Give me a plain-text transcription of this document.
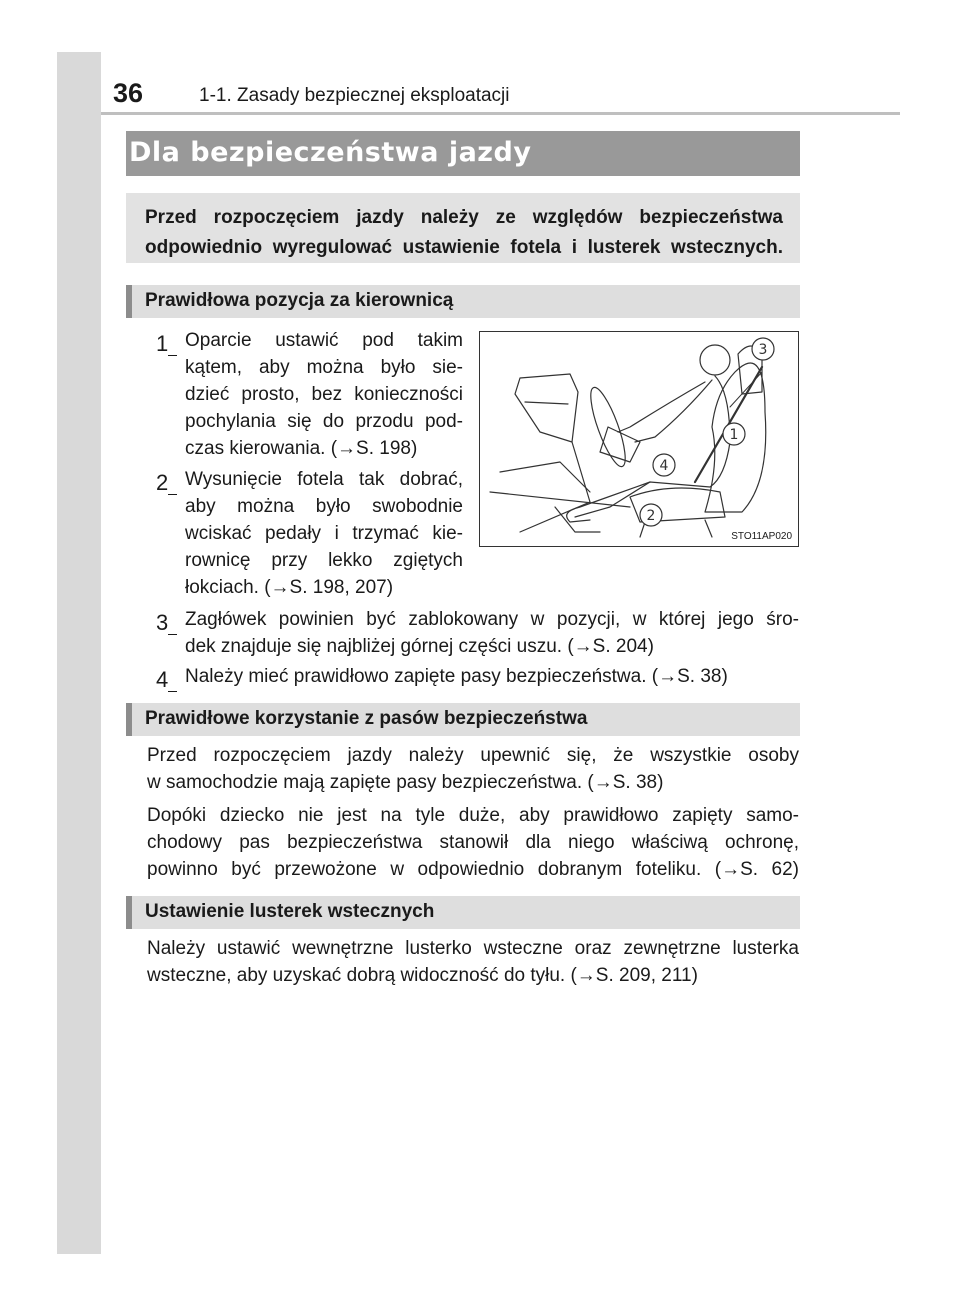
36	1-1. Zasady bezpiecznej eksploatacji
Dla bezpieczeństwa jazdy
Przed rozpoczęciem jazdy należy ze względów bezpieczeństwa
odpowiednio wyregulować ustawienie fotela i lusterek wstecznych.
Prawidłowa pozycja za kierownicą
1 Oparcie ustawić pod takim
kątem, aby można było sie-
dzieć prosto, bez konieczności
pochylania się do przodu pod-
czas kierowania. (→S. 198)
2 Wysunięcie fotela tak dobrać,
aby można było swobodnie
wciskać pedały i trzymać kie-
rownicę przy lekko zgiętych
łokciach. (→S. 198, 207)
3 Zagłówek powinien być zablokowany w pozycji, w której jego śro-
dek znajduje się najbliżej górnej części uszu. (→S. 204)
4 Należy mieć prawidłowo zapięte pasy bezpieczeństwa. (→S. 38)
3
1
4
2
STO11AP020
Prawidłowe korzystanie z pasów bezpieczeństwa
Przed rozpoczęciem jazdy należy upewnić się, że wszystkie osoby
w samochodzie mają zapięte pasy bezpieczeństwa. (→S. 38)
Dopóki dziecko nie jest na tyle duże, aby prawidłowo zapięty samo-
chodowy pas bezpieczeństwa stanowił dla niego właściwą ochronę,
powinno być przewożone w odpowiednio dobranym foteliku. (→S. 62)
Ustawienie lusterek wstecznych
Należy ustawić wewnętrzne lusterko wsteczne oraz zewnętrzne lusterka
wsteczne, aby uzyskać dobrą widoczność do tyłu. (→S. 209, 211)
